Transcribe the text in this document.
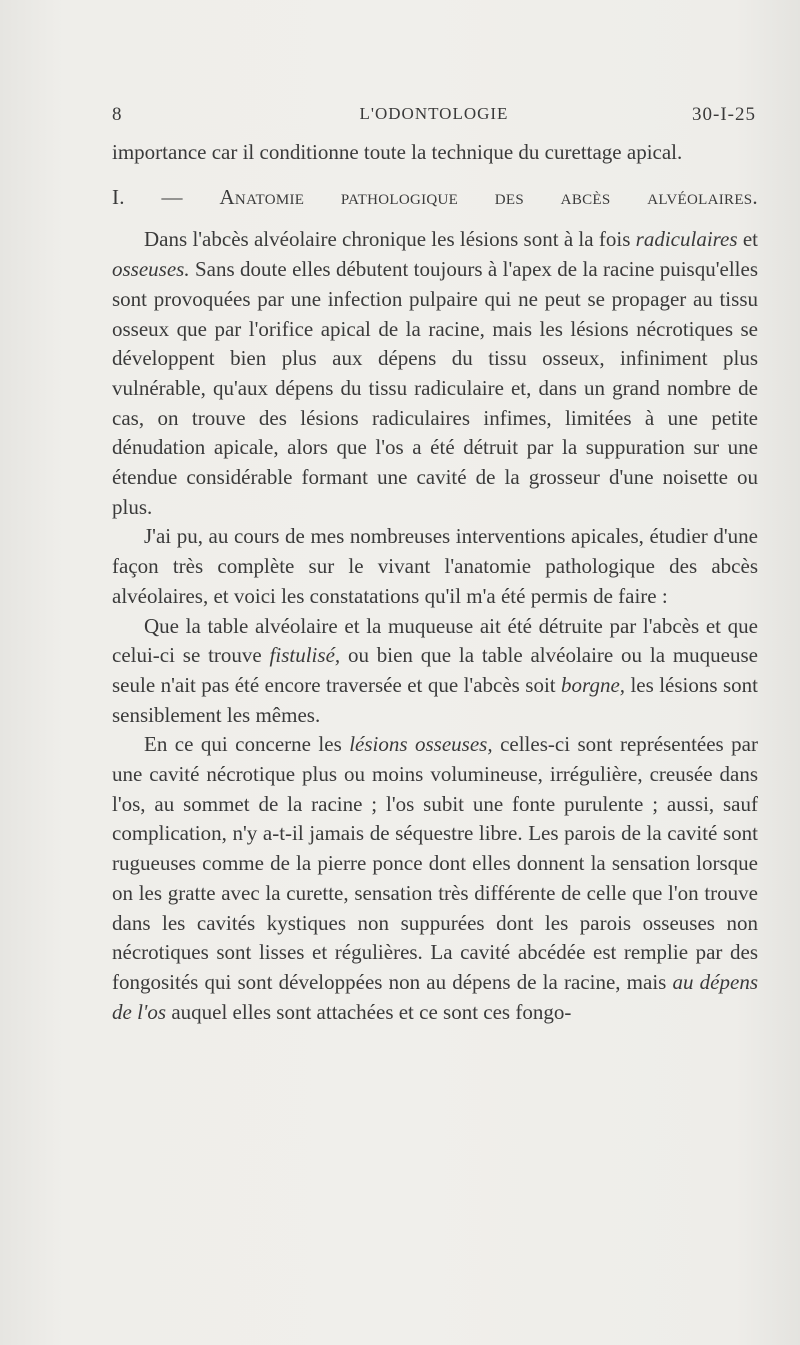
8	L'ODONTOLOGIE	30-I-25

importance car il conditionne toute la technique du curettage apical.

I. — Anatomie pathologique des abcès alvéolaires.

Dans l'abcès alvéolaire chronique les lésions sont à la fois radiculaires et osseuses. Sans doute elles débutent toujours à l'apex de la racine puisqu'elles sont provoquées par une infection pulpaire qui ne peut se propager au tissu osseux que par l'orifice apical de la racine, mais les lésions nécrotiques se développent bien plus aux dépens du tissu osseux, infiniment plus vulnérable, qu'aux dépens du tissu radiculaire et, dans un grand nombre de cas, on trouve des lésions radiculaires infimes, limitées à une petite dénudation apicale, alors que l'os a été détruit par la suppuration sur une étendue considérable formant une cavité de la grosseur d'une noisette ou plus.

J'ai pu, au cours de mes nombreuses interventions apicales, étudier d'une façon très complète sur le vivant l'anatomie pathologique des abcès alvéolaires, et voici les constatations qu'il m'a été permis de faire :

Que la table alvéolaire et la muqueuse ait été détruite par l'abcès et que celui-ci se trouve fistulisé, ou bien que la table alvéolaire ou la muqueuse seule n'ait pas été encore traversée et que l'abcès soit borgne, les lésions sont sensiblement les mêmes.

En ce qui concerne les lésions osseuses, celles-ci sont représentées par une cavité nécrotique plus ou moins volumineuse, irrégulière, creusée dans l'os, au sommet de la racine ; l'os subit une fonte purulente ; aussi, sauf complication, n'y a-t-il jamais de séquestre libre. Les parois de la cavité sont rugueuses comme de la pierre ponce dont elles donnent la sensation lorsque on les gratte avec la curette, sensation très différente de celle que l'on trouve dans les cavités kystiques non suppurées dont les parois osseuses non nécrotiques sont lisses et régulières. La cavité abcédée est remplie par des fongosités qui sont développées non au dépens de la racine, mais au dépens de l'os auquel elles sont attachées et ce sont ces fongo-
